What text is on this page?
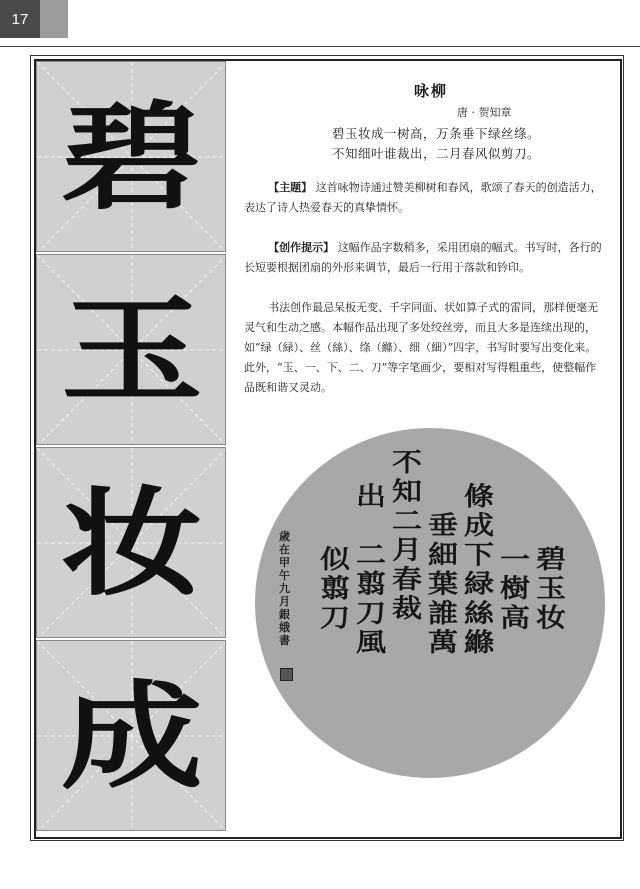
17
碧
玉
妆
成
咏柳
唐 · 贺知章
碧玉妆成一树高，万条垂下绿丝绦。
不知细叶谁裁出，二月春风似剪刀。
【主题】 这首咏物诗通过赞美柳树和春风，歌颂了春天的创造活力，表达了诗人热爱春天的真挚情怀。
【创作提示】 这幅作品字数稍多，采用团扇的幅式。书写时，各行的长短要根据团扇的外形来调节，最后一行用于落款和钤印。
书法创作最忌呆板无变、千字同面、状如算子式的雷同，那样便毫无灵气和生动之感。本幅作品出现了多处绞丝旁，而且大多是连续出现的，如“绿（緑）、丝（絲）、绦（縧）、细（細）”四字，书写时要写出变化来。此外，“玉、一、下、二、刀”等字笔画少，要相对写得粗重些，使整幅作品既和谐又灵动。
碧
玉
妆
一
樹
高
條
成
下
緑
絲
縧
垂
細
葉
誰
萬
不
知
二
月
春
裁
出
二
翦
刀
風
似
翦
刀
歲在甲午九月銀娥書
